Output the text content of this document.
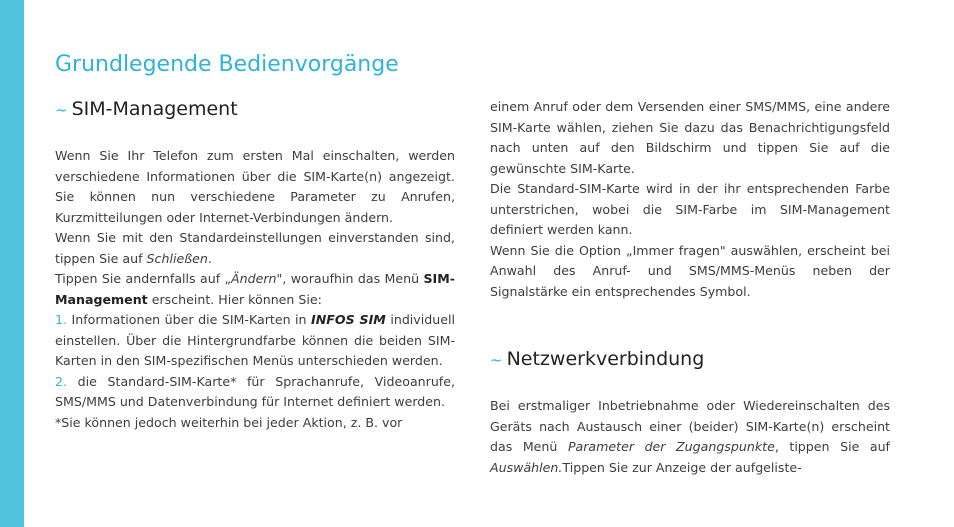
Grundlegende Bedienvorgänge
~ SIM-Management

Wenn Sie Ihr Telefon zum ersten Mal einschalten, werden verschiedene Informationen über die SIM-Karte(n) angezeigt. Sie können nun verschiedene Parameter zu Anrufen, Kurzmitteilungen oder Internet-Verbindungen ändern.

Wenn Sie mit den Standardeinstellungen einverstanden sind, tippen Sie auf Schließen.

Tippen Sie andernfalls auf „Ändern", woraufhin das Menü SIM-Management erscheint. Hier können Sie:

1. Informationen über die SIM-Karten in INFOS SIM individuell einstellen. Über die Hintergrundfarbe können die beiden SIM-Karten in den SIM-spezifischen Menüs unterschieden werden.

2. die Standard-SIM-Karte* für Sprachanrufe, Videoanrufe, SMS/MMS und Datenverbindung für Internet definiert werden.

*Sie können jedoch weiterhin bei jeder Aktion, z. B. vor

einem Anruf oder dem Versenden einer SMS/MMS, eine andere SIM-Karte wählen, ziehen Sie dazu das Benachrichtigungsfeld nach unten auf den Bildschirm und tippen Sie auf die gewünschte SIM-Karte.

Die Standard-SIM-Karte wird in der ihr entsprechenden Farbe unterstrichen, wobei die SIM-Farbe im SIM-Management definiert werden kann.

Wenn Sie die Option „Immer fragen" auswählen, erscheint bei Anwahl des Anruf- und SMS/MMS-Menüs neben der Signalstärke ein entsprechendes Symbol.

~ Netzwerkverbindung

Bei erstmaliger Inbetriebnahme oder Wiedereinschalten des Geräts nach Austausch einer (beider) SIM-Karte(n) erscheint das Menü Parameter der Zugangspunkte, tippen Sie auf Auswählen.Tippen Sie zur Anzeige der aufgeliste-
